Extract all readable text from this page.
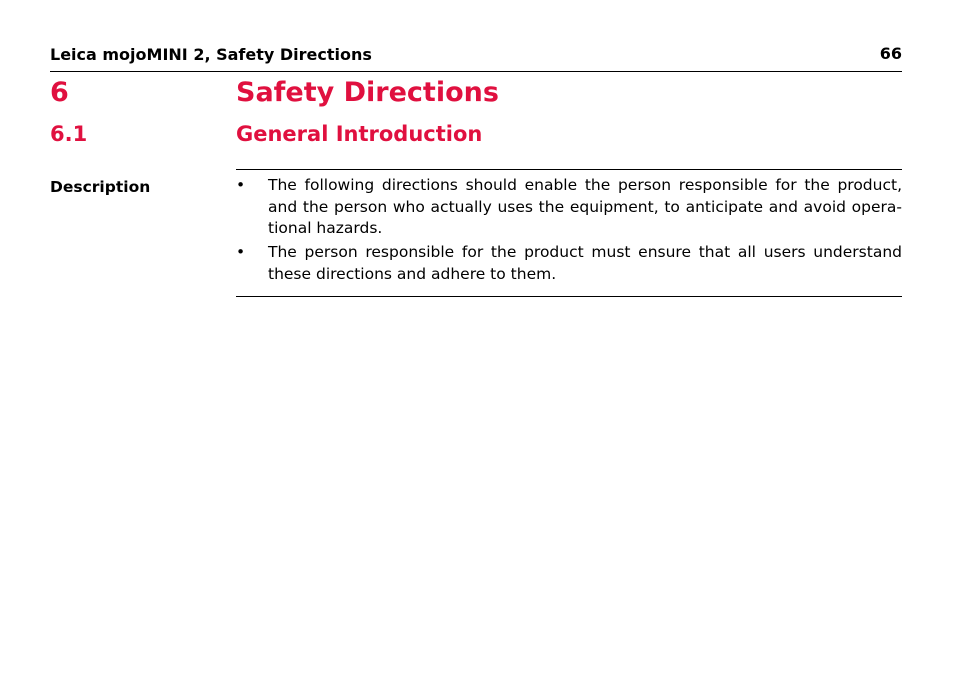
Leica mojoMINI 2, Safety Directions	66
6	Safety Directions
6.1	General Introduction
Description	• The following directions should enable the person responsible for the product, and the person who actually uses the equipment, to anticipate and avoid opera-tional hazards.
• The person responsible for the product must ensure that all users understand these directions and adhere to them.
